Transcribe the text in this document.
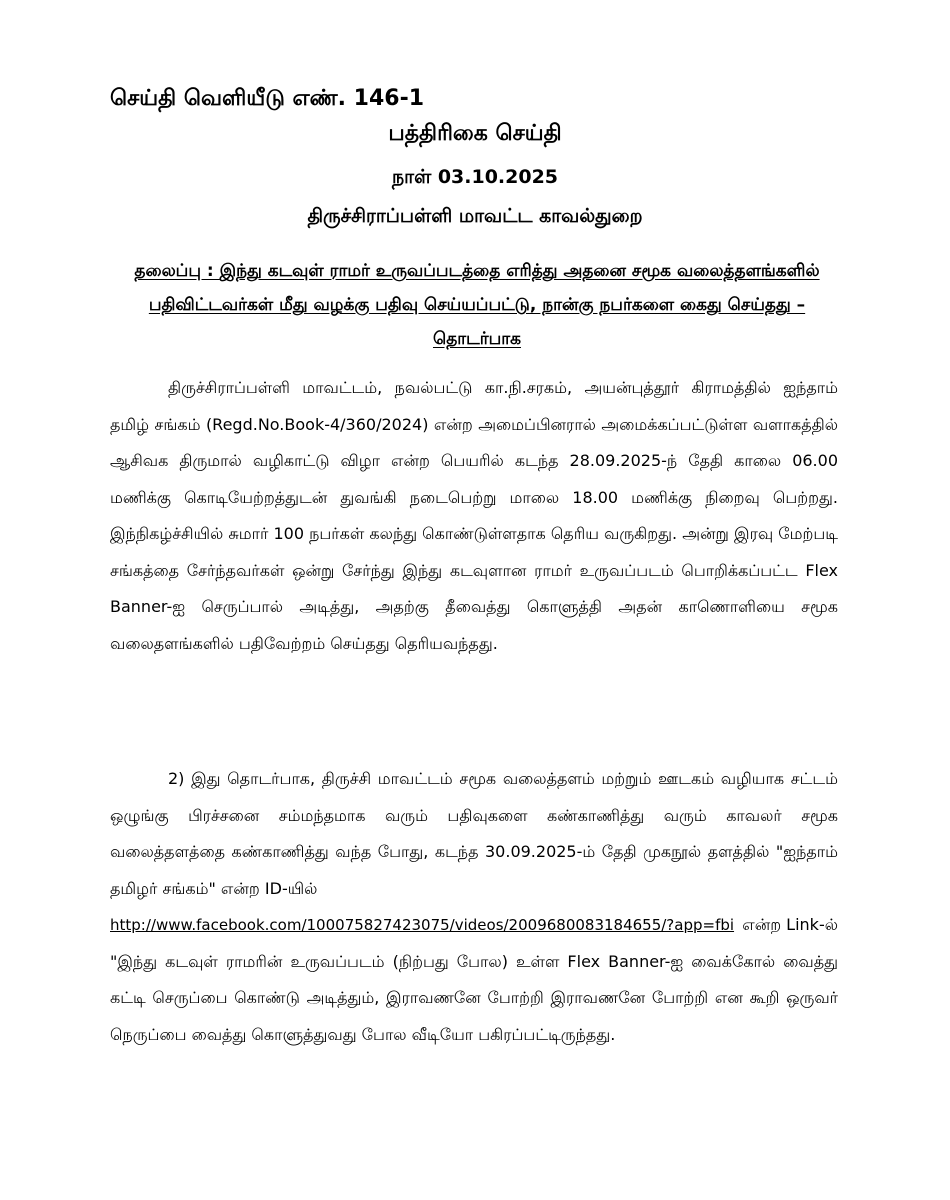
செய்தி வெளியீடு எண். 146-1
பத்திரிகை செய்தி
நாள் 03.10.2025
திருச்சிராப்பள்ளி மாவட்ட காவல்துறை
தலைப்பு : இந்து கடவுள் ராமர் உருவப்படத்தை எரித்து அதனை சமூக வலைத்தளங்களில் பதிவிட்டவர்கள் மீது வழக்கு பதிவு செய்யப்பட்டு, நான்கு நபர்களை கைது செய்தது – தொடர்பாக
திருச்சிராப்பள்ளி மாவட்டம், நவல்பட்டு கா.நி.சரகம், அயன்புத்தூர் கிராமத்தில் ஐந்தாம் தமிழ் சங்கம் (Regd.No.Book-4/360/2024) என்ற அமைப்பினரால் அமைக்கப்பட்டுள்ள வளாகத்தில் ஆசிவக திருமால் வழிகாட்டு விழா என்ற பெயரில் கடந்த 28.09.2025-ந் தேதி காலை 06.00 மணிக்கு கொடியேற்றத்துடன் துவங்கி நடைபெற்று மாலை 18.00 மணிக்கு நிறைவு பெற்றது. இந்நிகழ்ச்சியில் சுமார் 100 நபர்கள் கலந்து கொண்டுள்ளதாக தெரிய வருகிறது. அன்று இரவு மேற்படி சங்கத்தை சேர்ந்தவர்கள் ஒன்று சேர்ந்து இந்து கடவுளான ராமர் உருவப்படம் பொறிக்கப்பட்ட Flex Banner-ஐ செருப்பால் அடித்து, அதற்கு தீவைத்து கொளுத்தி அதன் காணொளியை சமூக வலைதளங்களில் பதிவேற்றம் செய்தது தெரியவந்தது.
2) இது தொடர்பாக, திருச்சி மாவட்டம் சமூக வலைத்தளம் மற்றும் ஊடகம் வழியாக சட்டம் ஒழுங்கு பிரச்சனை சம்மந்தமாக வரும் பதிவுகளை கண்காணித்து வரும் காவலர் சமூக வலைத்தளத்தை கண்காணித்து வந்த போது, கடந்த 30.09.2025-ம் தேதி முகநூல் தளத்தில் "ஐந்தாம் தமிழர் சங்கம்" என்ற ID-யில்
http://www.facebook.com/100075827423075/videos/2009680083184655/?app=fbi என்ற Link-ல்
"இந்து கடவுள் ராமரின் உருவப்படம் (நிற்பது போல) உள்ள Flex Banner-ஐ வைக்கோல் வைத்து கட்டி செருப்பை கொண்டு அடித்தும், இராவணனே போற்றி இராவணனே போற்றி என கூறி ஒருவர் நெருப்பை வைத்து கொளுத்துவது போல வீடியோ பகிரப்பட்டிருந்தது.
